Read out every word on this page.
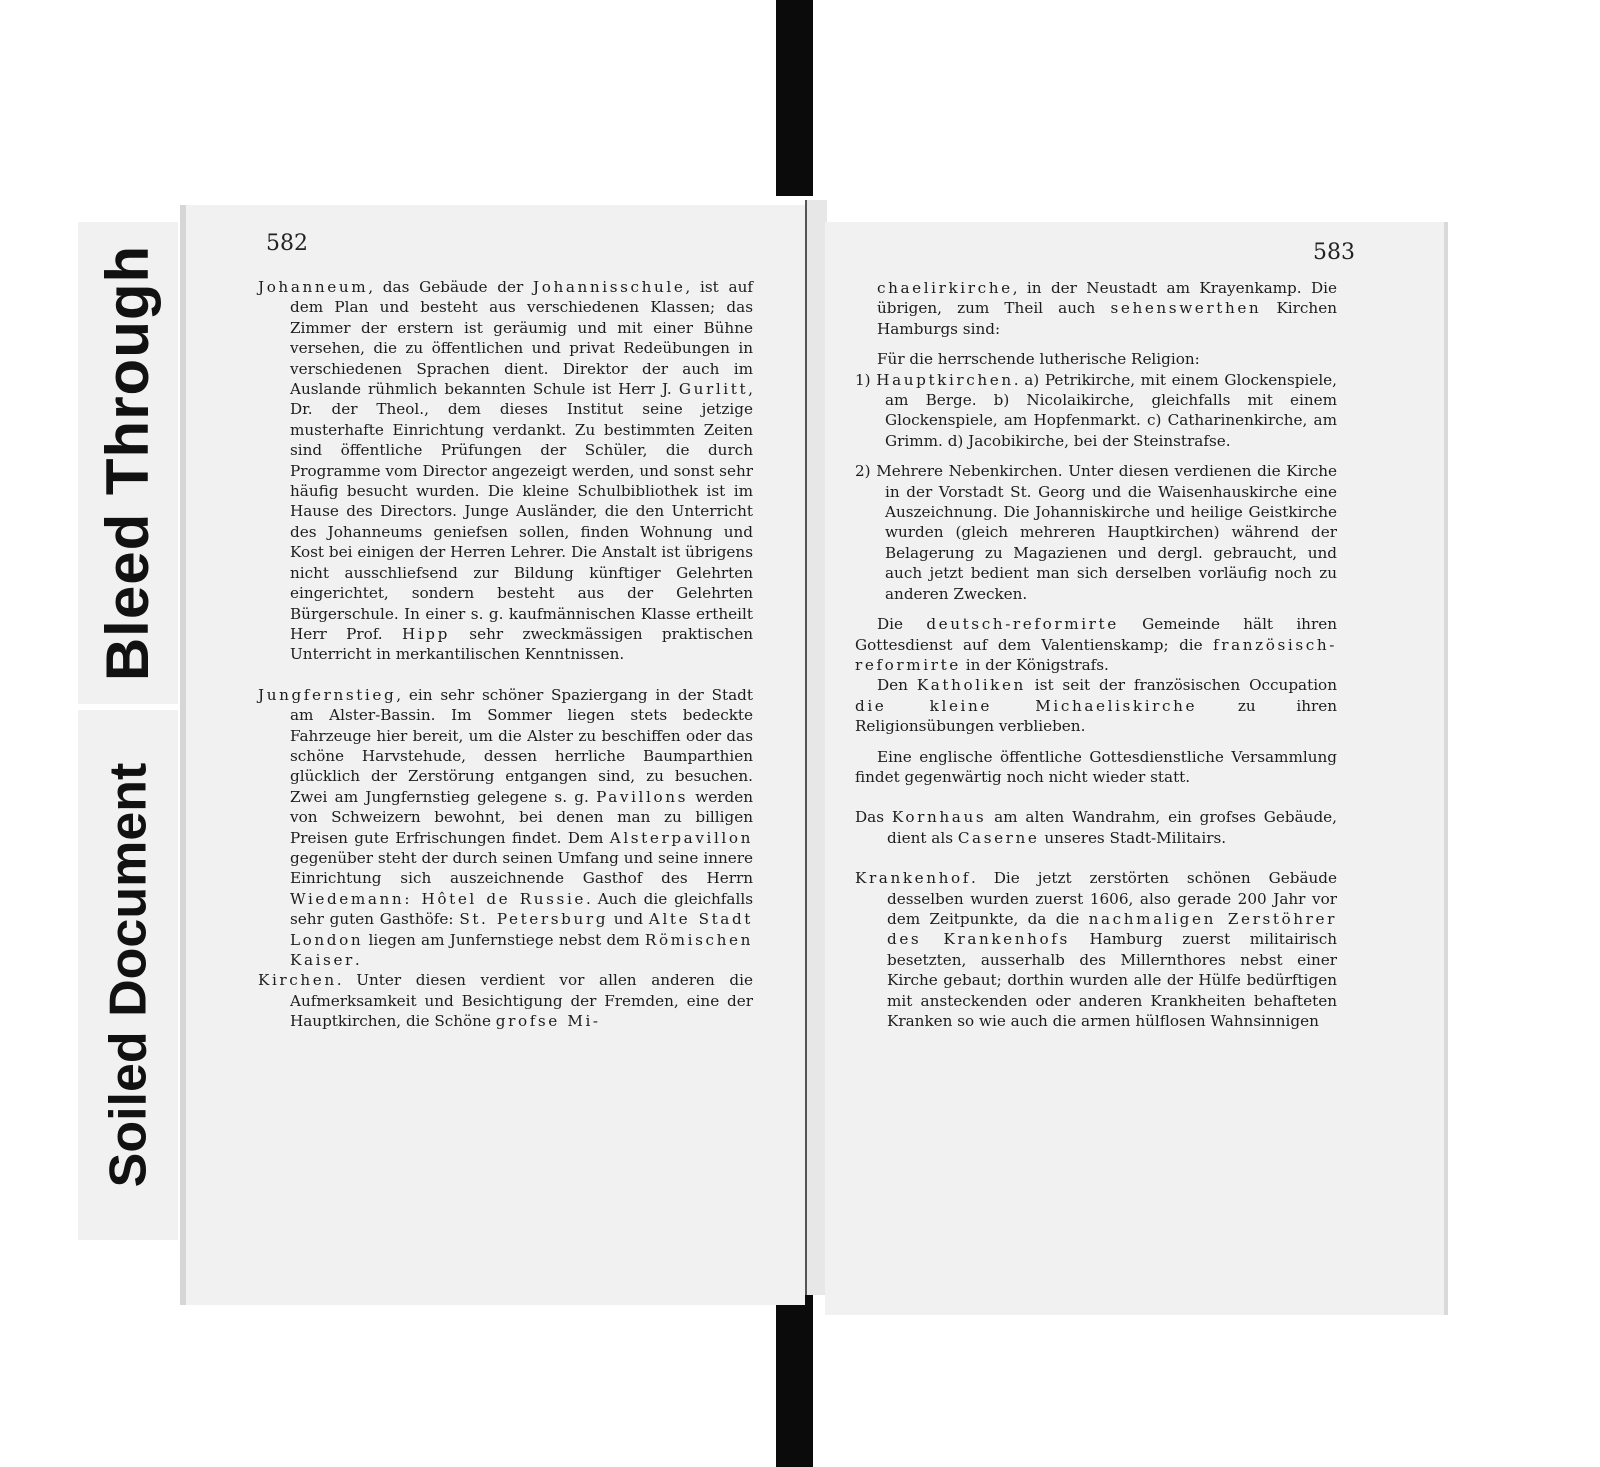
Bleed Through
Soiled Document
582

Johanneum, das Gebäude der Johannisschule, ist auf dem Plan und besteht aus verschiedenen Klassen; das Zimmer der erstern ist geräumig und mit einer Bühne versehen, die zu öffentlichen und privat Redeübungen in verschiedenen Sprachen dient. Direktor der auch im Auslande rühmlich bekannten Schule ist Herr J. Gurlitt, Dr. der Theol., dem dieses Institut seine jetzige musterhafte Einrichtung verdankt. Zu bestimmten Zeiten sind öffentliche Prüfungen der Schüler, die durch Programme vom Director angezeigt werden, und sonst sehr häufig besucht wurden. Die kleine Schulbibliothek ist im Hause des Directors. Junge Ausländer, die den Unterricht des Johanneums geniefsen sollen, finden Wohnung und Kost bei einigen der Herren Lehrer. Die Anstalt ist übrigens nicht ausschliefsend zur Bildung künftiger Gelehrten eingerichtet, sondern besteht aus der Gelehrten Bürgerschule. In einer s. g. kaufmännischen Klasse ertheilt Herr Prof. Hipp sehr zweckmässigen praktischen Unterricht in merkantilischen Kenntnissen.

Jungfernstieg, ein sehr schöner Spaziergang in der Stadt am Alster-Bassin. Im Sommer liegen stets bedeckte Fahrzeuge hier bereit, um die Alster zu beschiffen oder das schöne Harvstehude, dessen herrliche Baumparthien glücklich der Zerstörung entgangen sind, zu besuchen. Zwei am Jungfernstieg gelegene s. g. Pavillons werden von Schweizern bewohnt, bei denen man zu billigen Preisen gute Erfrischungen findet. Dem Alsterpavillon gegenüber steht der durch seinen Umfang und seine innere Einrichtung sich auszeichnende Gasthof des Herrn Wiedemann: Hôtel de Russie. Auch die gleichfalls sehr guten Gasthöfe: St. Petersburg und Alte Stadt London liegen am Junfernstiege nebst dem Römischen Kaiser.

Kirchen. Unter diesen verdient vor allen anderen die Aufmerksamkeit und Besichtigung der Fremden, eine der Hauptkirchen, die Schöne grofse Mi-

583

chaelirkirche, in der Neustadt am Krayenkamp. Die übrigen, zum Theil auch sehenswerthen Kirchen Hamburgs sind:

Für die herrschende lutherische Religion:

1) Hauptkirchen. a) Petrikirche, mit einem Glockenspiele, am Berge. b) Nicolaikirche, gleichfalls mit einem Glockenspiele, am Hopfenmarkt. c) Catharinenkirche, am Grimm. d) Jacobikirche, bei der Steinstrafse.

2) Mehrere Nebenkirchen. Unter diesen verdienen die Kirche in der Vorstadt St. Georg und die Waisenhauskirche eine Auszeichnung. Die Johanniskirche und heilige Geistkirche wurden (gleich mehreren Hauptkirchen) während der Belagerung zu Magazienen und dergl. gebraucht, und auch jetzt bedient man sich derselben vorläufig noch zu anderen Zwecken.

Die deutsch-reformirte Gemeinde hält ihren Gottesdienst auf dem Valentienskamp; die französisch-reformirte in der Königstrafs.

Den Katholiken ist seit der französischen Occupation die kleine Michaeliskirche zu ihren Religionsübungen verblieben.

Eine englische öffentliche Gottesdienstliche Versammlung findet gegenwärtig noch nicht wieder statt.

Das Kornhaus am alten Wandrahm, ein grofses Gebäude, dient als Caserne unseres Stadt-Militairs.

Krankenhof. Die jetzt zerstörten schönen Gebäude desselben wurden zuerst 1606, also gerade 200 Jahr vor dem Zeitpunkte, da die nachmaligen Zerstöhrer des Krankenhofs Hamburg zuerst militairisch besetzten, ausserhalb des Millernthores nebst einer Kirche gebaut; dorthin wurden alle der Hülfe bedürftigen mit ansteckenden oder anderen Krankheiten behafteten Kranken so wie auch die armen hülflosen Wahnsinnigen
